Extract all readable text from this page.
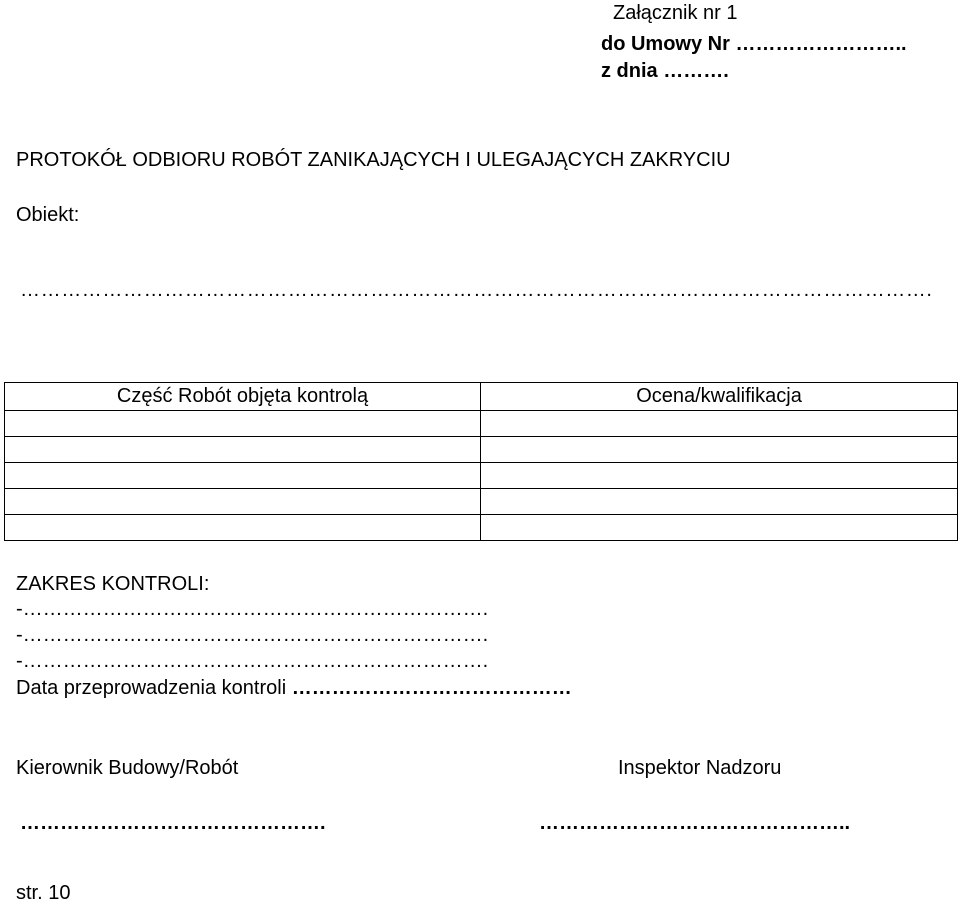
Załącznik nr 1
do Umowy Nr ……………………..
z dnia ……….
PROTOKÓŁ ODBIORU ROBÓT ZANIKAJĄCYCH I ULEGAJĄCYCH ZAKRYCIU
Obiekt:
…………………………………………………………………………………………………………………….
Część Robót objęta kontrolą	Ocena/kwalifikacja

ZAKRES KONTROLI:
-…………………………………………………………….
-…………………………………………………………….
-…………………………………………………………….
Data przeprowadzenia kontroli ……………………………………
Kierownik Budowy/Robót	Inspektor Nadzoru
……………………………………….	………………………………………..
str. 10
